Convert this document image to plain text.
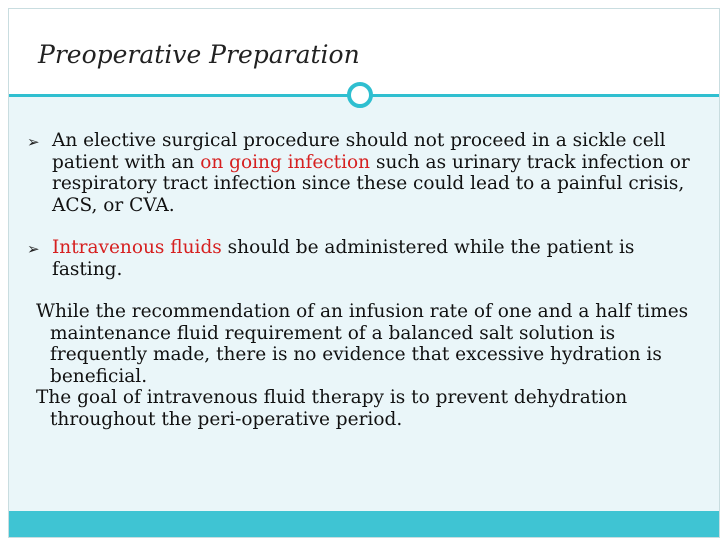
Preoperative Preparation
➢ An elective surgical procedure should not proceed in a sickle cell patient with an on going infection such as urinary track infection or respiratory tract infection since these could lead to a painful crisis, ACS, or CVA.
➢ Intravenous fluids should be administered while the patient is fasting.
While the recommendation of an infusion rate of one and a half times maintenance fluid requirement of a balanced salt solution is frequently made, there is no evidence that excessive hydration is beneficial.
The goal of intravenous fluid therapy is to prevent dehydration throughout the peri-operative period.
